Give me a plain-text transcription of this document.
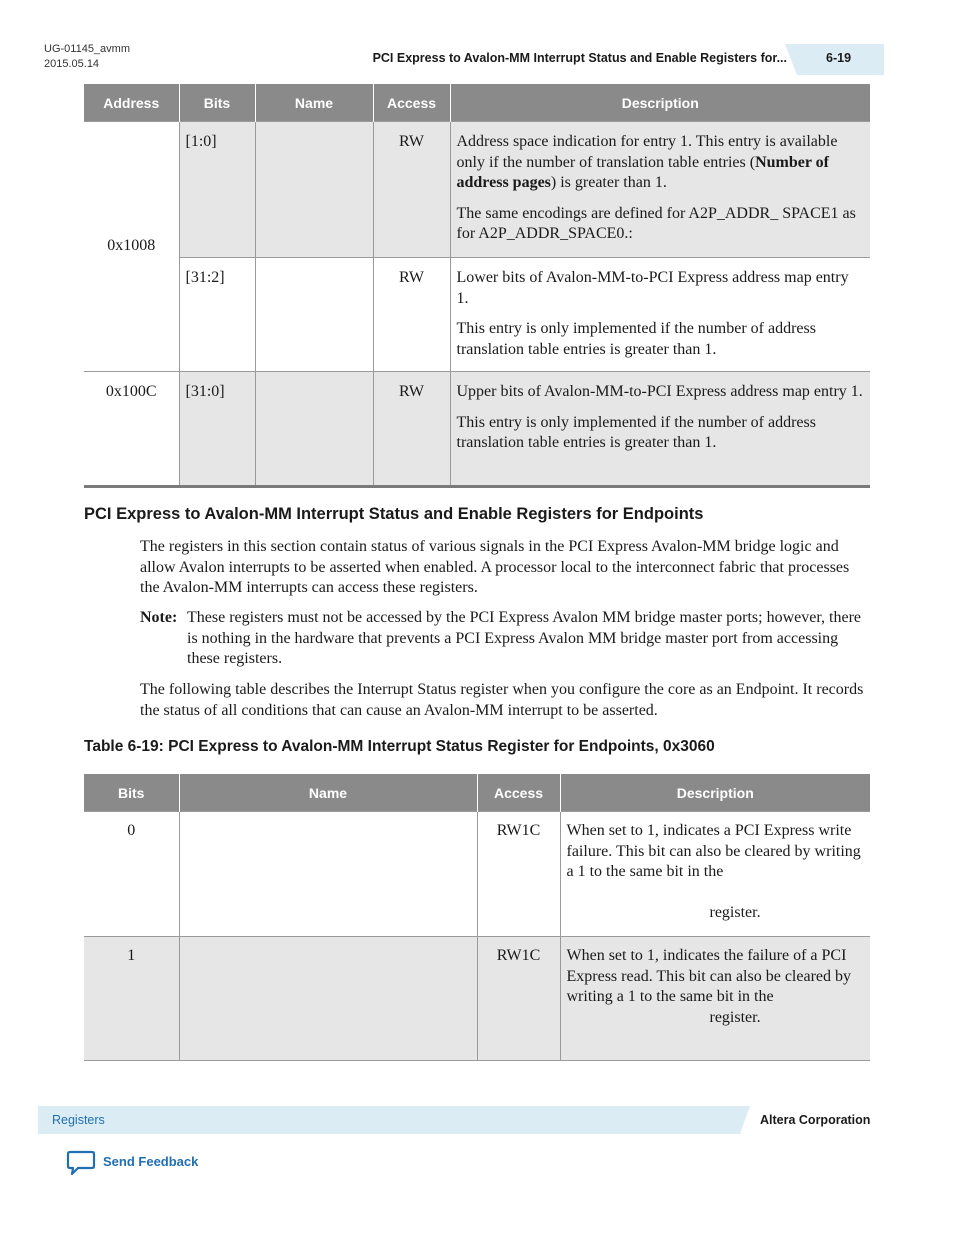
UG-01145_avmm
2015.05.14	PCI Express to Avalon-MM Interrupt Status and Enable Registers for...	6-19
Address	Bits	Name	Access	Description
0x1008	[1:0]		RW	Address space indication for entry 1. This entry is available only if the number of translation table entries (Number of address pages) is greater than 1.

The same encodings are defined for A2P_ADDR_ SPACE1 as for A2P_ADDR_SPACE0.:

	[31:2]		RW	Lower bits of Avalon-MM-to-PCI Express address map entry 1.

This entry is only implemented if the number of address translation table entries is greater than 1.

0x100C	[31:0]		RW	Upper bits of Avalon-MM-to-PCI Express address map entry 1.

This entry is only implemented if the number of address translation table entries is greater than 1.

PCI Express to Avalon-MM Interrupt Status and Enable Registers for Endpoints

The registers in this section contain status of various signals in the PCI Express Avalon-MM bridge logic and allow Avalon interrupts to be asserted when enabled. A processor local to the interconnect fabric that processes the Avalon-MM interrupts can access these registers.

Note: These registers must not be accessed by the PCI Express Avalon MM bridge master ports; however, there is nothing in the hardware that prevents a PCI Express Avalon MM bridge master port from accessing these registers.

The following table describes the Interrupt Status register when you configure the core as an Endpoint. It records the status of all conditions that can cause an Avalon-MM interrupt to be asserted.

Table 6-19: PCI Express to Avalon-MM Interrupt Status Register for Endpoints, 0x3060
Bits	Name	Access	Description
0		RW1C	When set to 1, indicates a PCI Express write failure. This bit can also be cleared by writing a 1 to the same bit in the
register.

1		RW1C	When set to 1, indicates the failure of a PCI Express read. This bit can also be cleared by writing a 1 to the same bit in the
register.
Registers	Altera Corporation
Send Feedback
